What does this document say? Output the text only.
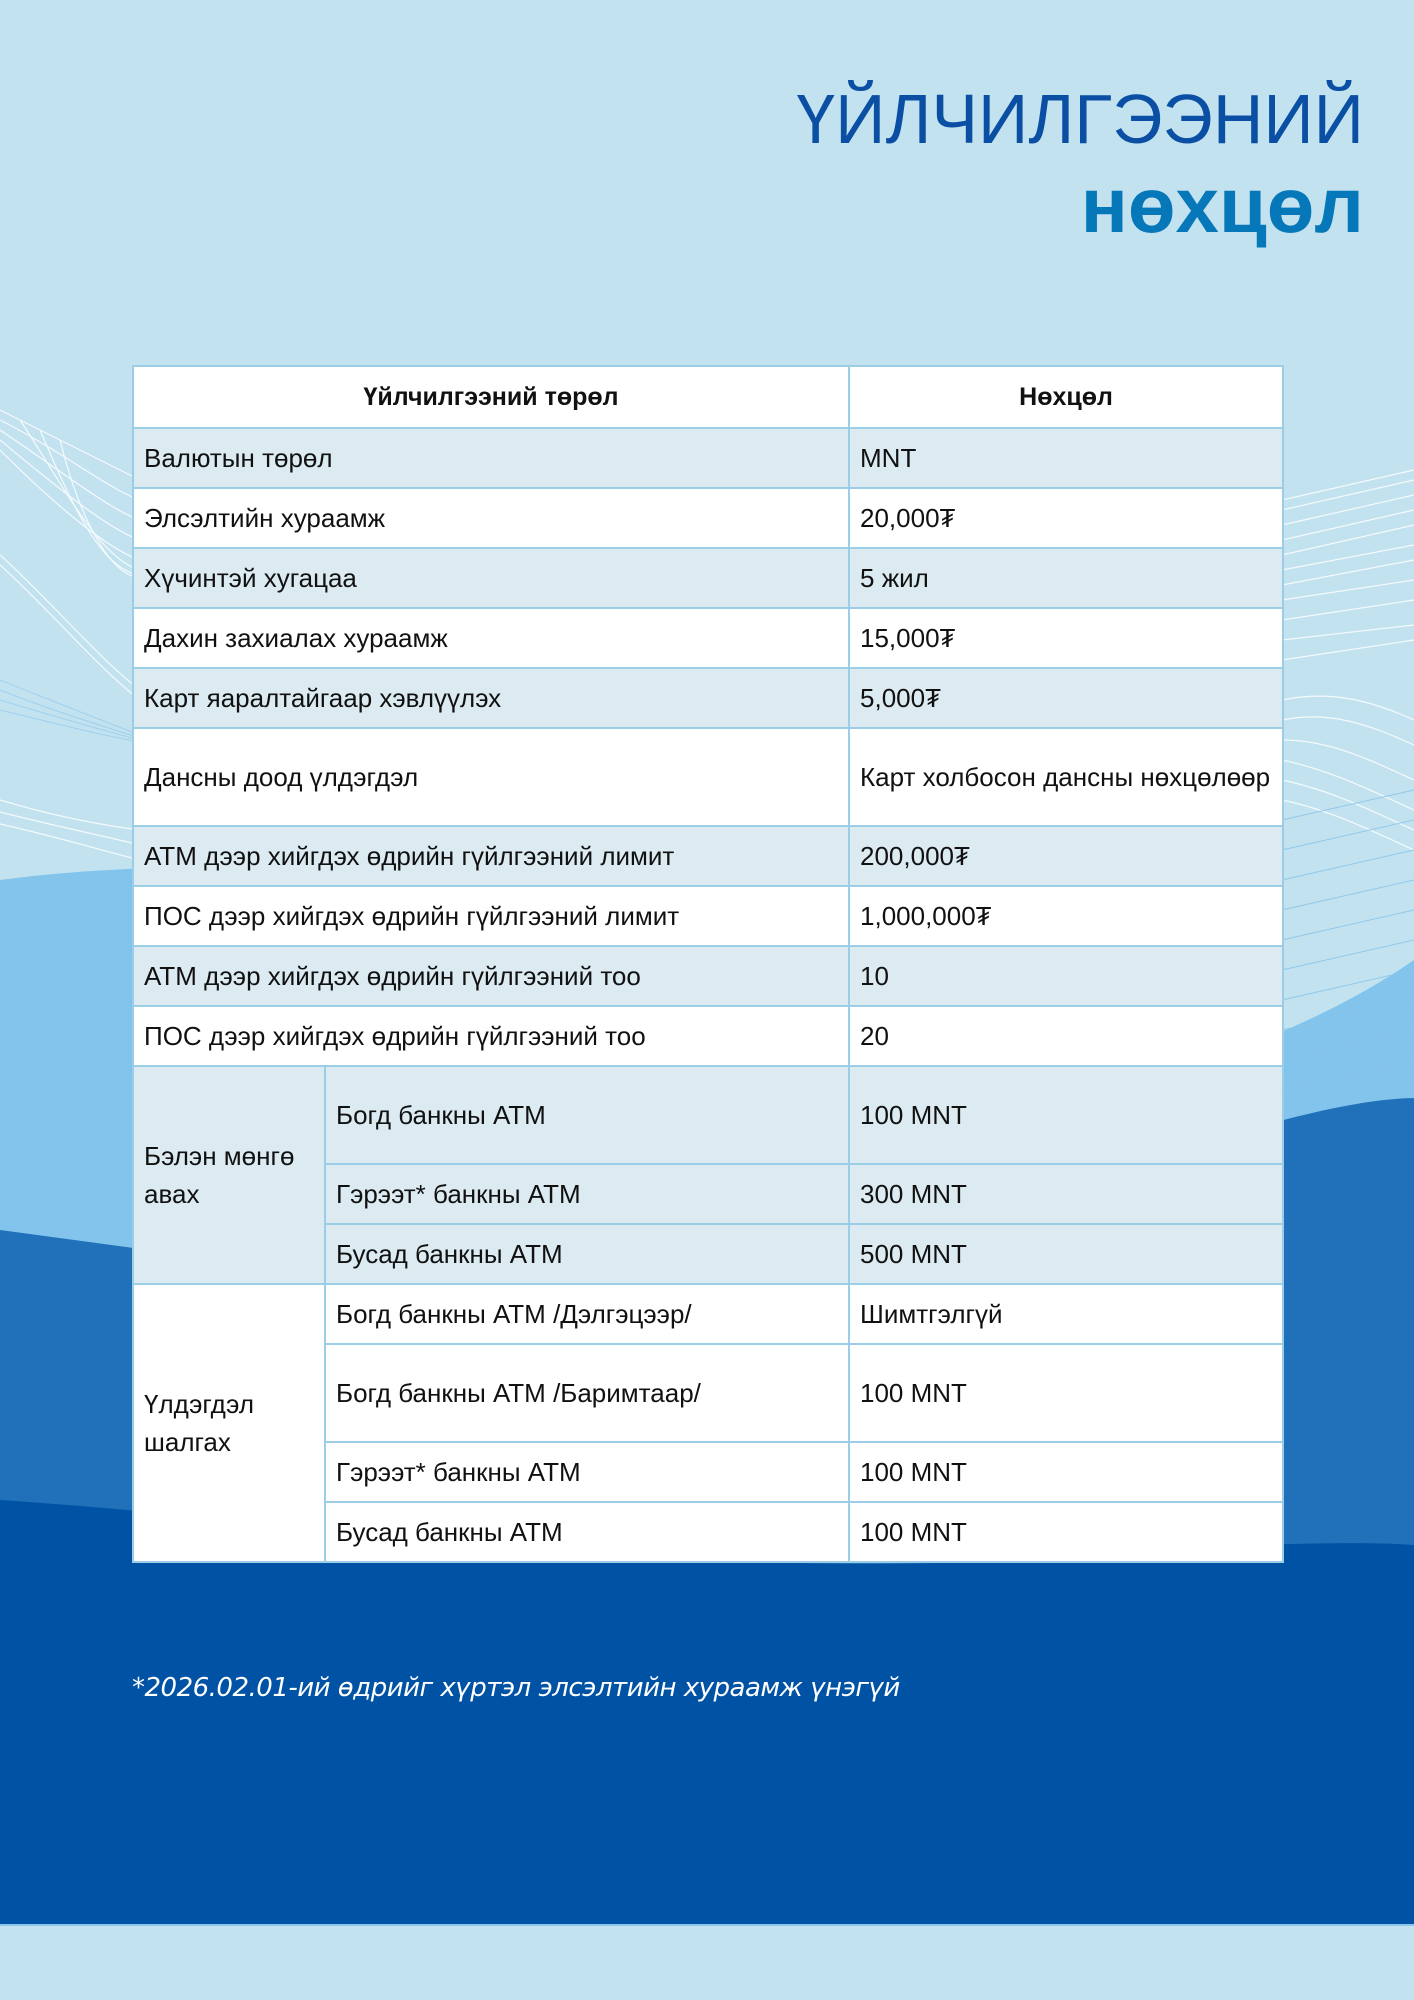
ҮЙЛЧИЛГЭЭНИЙ
нөхцөл
Үйлчилгээний төрөл		Нөхцөл
Валютын төрөл		MNT
Элсэлтийн хураамж		20,000₮
Хүчинтэй хугацаа		5 жил
Дахин захиалах хураамж		15,000₮
Карт яаралтайгаар хэвлүүлэх		5,000₮
Дансны доод үлдэгдэл		Карт холбосон дансны нөхцөлөөр
АТМ дээр хийгдэх өдрийн гүйлгээний лимит		200,000₮
ПОС дээр хийгдэх өдрийн гүйлгээний лимит		1,000,000₮
АТМ дээр хийгдэх өдрийн гүйлгээний тоо		10
ПОС дээр хийгдэх өдрийн гүйлгээний тоо		20
Бэлэн мөнгө авах	Богд банкны АТМ	100 MNT
	Гэрээт* банкны АТМ	300 MNT
	Бусад банкны АТМ	500 MNT
Үлдэгдэл шалгах	Богд банкны АТМ /Дэлгэцээр/	Шимтгэлгүй
	Богд банкны АТМ /Баримтаар/	100 MNT
	Гэрээт* банкны АТМ	100 MNT
	Бусад банкны АТМ	100 MNT
*2026.02.01-ий өдрийг хүртэл элсэлтийн хураамж үнэгүй
